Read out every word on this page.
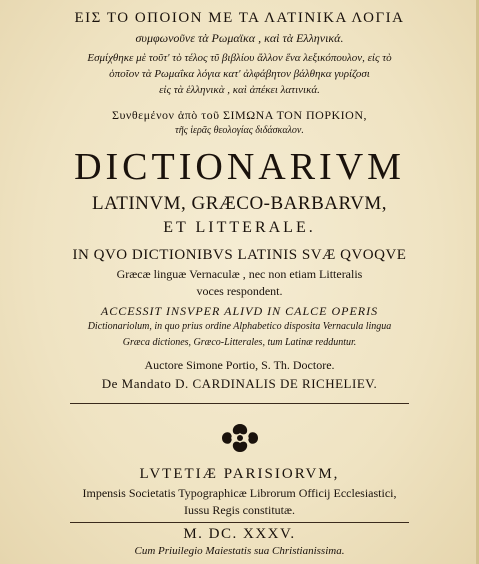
ΕΙΣ ΤΟ ΟΠΟΙΟΝ ΜΕ ΤΑ ΛΑΤΙΝΙΚΑ ΛΟΓΙΑ
συμφωνοῦνε τὰ Ρωμαϊκα , καὶ τὰ Ελληνικά.
Εσμίχθηκε μὲ τοῦτ' τὸ τέλος τῦ βιβλίου ἄλλον ἕνα λεξικόπουλον, εἰς τὸ
ὁποῖον τὰ Ρωμαΐκα λόγια κατ' ἀλφάβητον βάλθηκα γυρίζοσι
εἰς τὰ ἑλληνικὰ , καὶ ἀπέκει λατινικά.
Συνθεμένον ἀπὸ τοῦ ΣΙΜΩΝΑ ΤΟΝ ΠΟΡΚΙΟΝ,
τῆς ἱερᾶς θεολογίας διδάσκαλον.
DICTIONARIVM
LATINVM, GRÆCO-BARBARVM,
ET LITTERALE.
IN QVO DICTIONIBVS LATINIS SVÆ QVOQVE
Græcæ linguæ Vernaculæ , nec non etiam Litteralis
voces respondent.
ACCESSIT INSVPER ALIVD IN CALCE OPERIS
Dictionariolum, in quo prius ordine Alphabetico disposita Vernacula lingua
Græca dictiones, Græco-Litterales, tum Latinæ redduntur.
Auctore Simone Portio, S. Th. Doctore.
De Mandato D. CARDINALIS DE RICHELIEV.
LVTETIÆ PARISIORVM,
Impensis Societatis Typographicæ Librorum Officij Ecclesiastici,
Iussu Regis constitutæ.
M. DC. XXXV.
Cum Priuilegio Maiestatis sua Christianissima.
